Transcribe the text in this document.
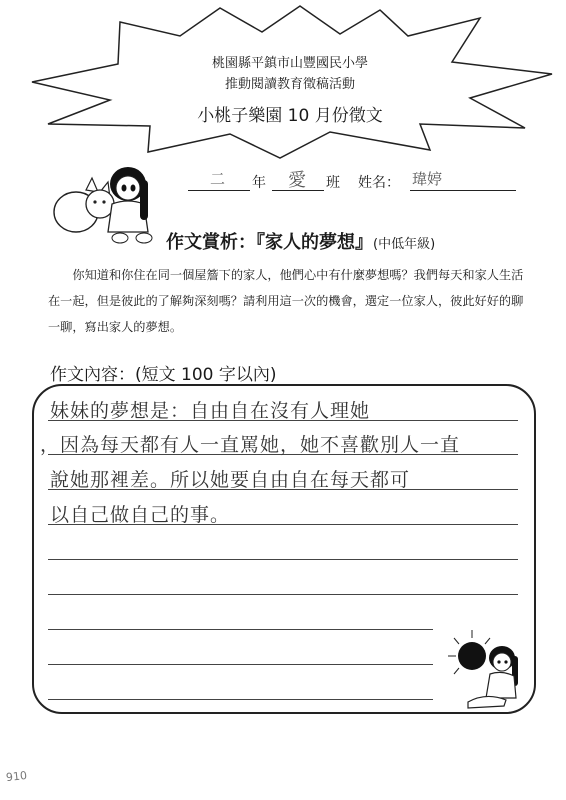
桃園縣平鎮市山豐國民小學
推動閱讀教育徵稿活動
小桃子樂園 10 月份徵文
二 年 愛 班 姓名： 瑋婷
作文賞析：『家人的夢想』(中低年級)
你知道和你住在同一個屋簷下的家人，他們心中有什麼夢想嗎？我們每天和家人生活在一起，但是彼此的了解夠深刻嗎？請利用這一次的機會，選定一位家人，彼此好好的聊一聊，寫出家人的夢想。
作文內容：(短文 100 字以內)
妹妹的夢想是：自由自在沒有人理她
，因為每天都有人一直罵她，她不喜歡別人一直
說她那裡差。所以她要自由自在每天都可
以自己做自己的事。
910
